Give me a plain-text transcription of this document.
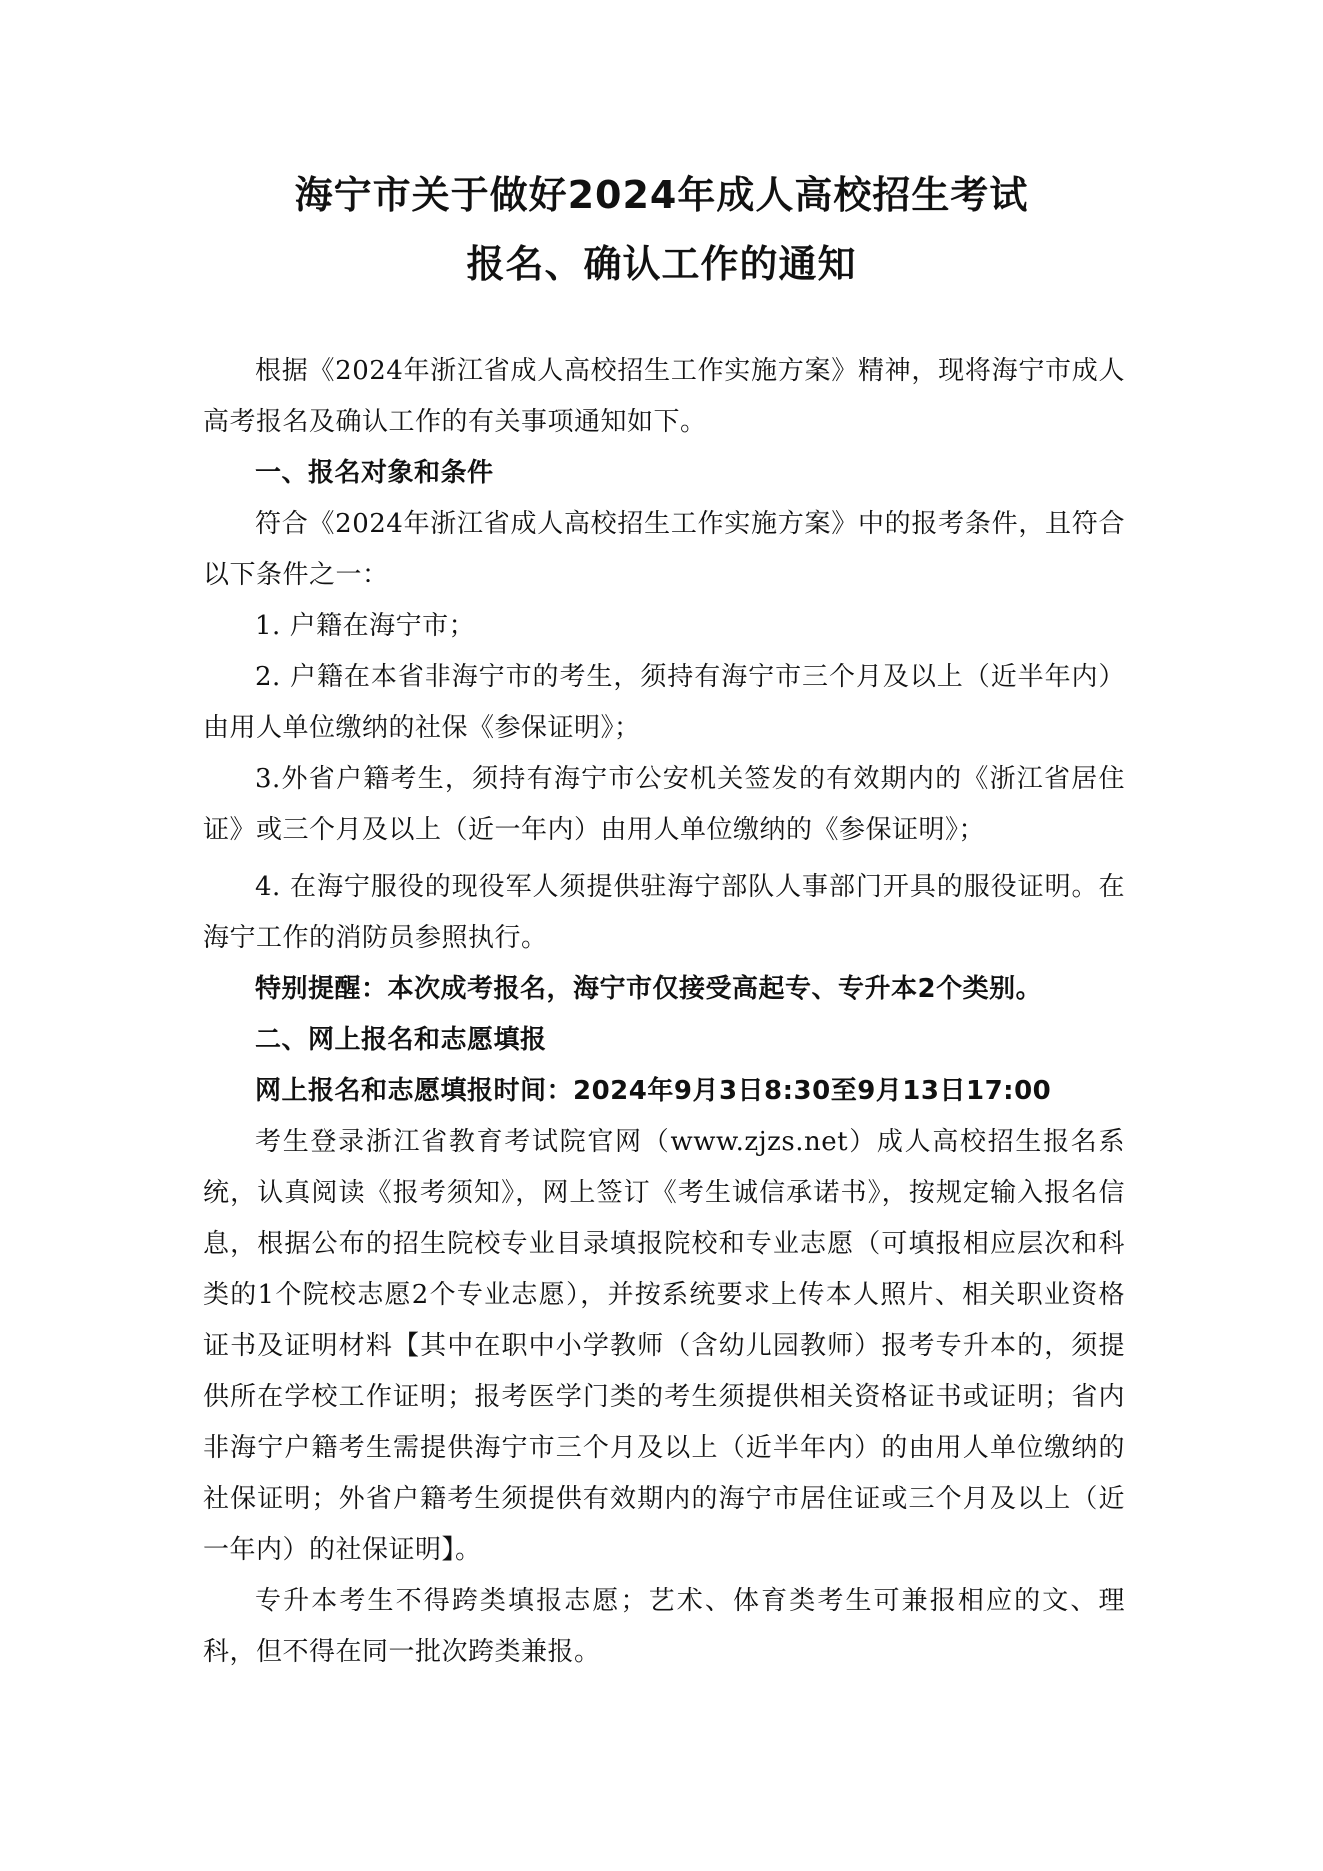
海宁市关于做好2024年成人高校招生考试
报名、确认工作的通知

根据《2024年浙江省成人高校招生工作实施方案》精神，现将海宁市成人高考报名及确认工作的有关事项通知如下。

一、报名对象和条件

符合《2024年浙江省成人高校招生工作实施方案》中的报考条件，且符合以下条件之一：

1. 户籍在海宁市；

2. 户籍在本省非海宁市的考生，须持有海宁市三个月及以上（近半年内）由用人单位缴纳的社保《参保证明》；

3.外省户籍考生，须持有海宁市公安机关签发的有效期内的《浙江省居住证》或三个月及以上（近一年内）由用人单位缴纳的《参保证明》；

4. 在海宁服役的现役军人须提供驻海宁部队人事部门开具的服役证明。在海宁工作的消防员参照执行。

特别提醒：本次成考报名，海宁市仅接受高起专、专升本2个类别。

二、网上报名和志愿填报

网上报名和志愿填报时间：2024年9月3日8:30至9月13日17:00

考生登录浙江省教育考试院官网（www.zjzs.net）成人高校招生报名系统，认真阅读《报考须知》，网上签订《考生诚信承诺书》，按规定输入报名信息，根据公布的招生院校专业目录填报院校和专业志愿（可填报相应层次和科类的1个院校志愿2个专业志愿），并按系统要求上传本人照片、相关职业资格证书及证明材料【其中在职中小学教师（含幼儿园教师）报考专升本的，须提供所在学校工作证明；报考医学门类的考生须提供相关资格证书或证明；省内非海宁户籍考生需提供海宁市三个月及以上（近半年内）的由用人单位缴纳的社保证明；外省户籍考生须提供有效期内的海宁市居住证或三个月及以上（近一年内）的社保证明】。

专升本考生不得跨类填报志愿；艺术、体育类考生可兼报相应的文、理科，但不得在同一批次跨类兼报。
